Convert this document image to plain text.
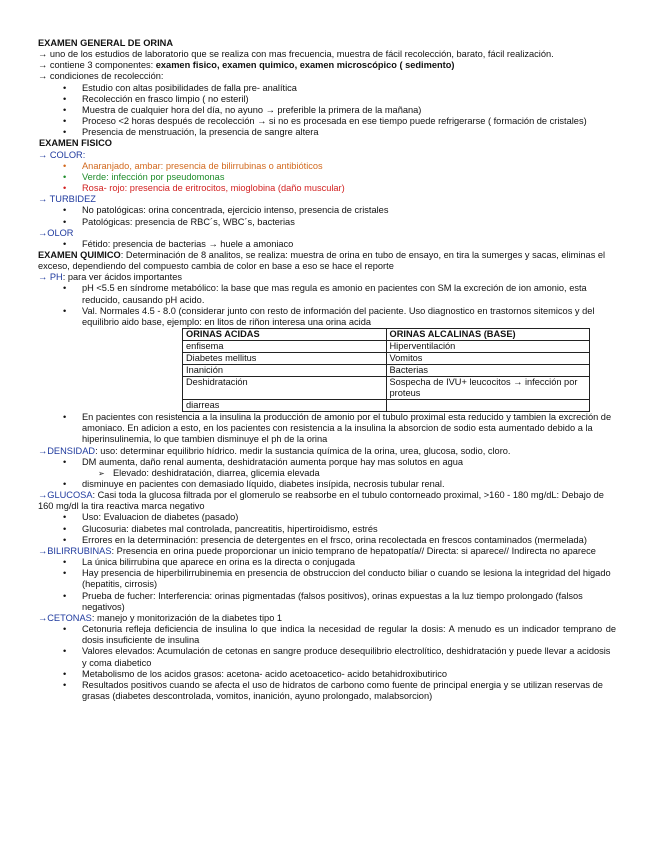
EXAMEN GENERAL DE ORINA

→ uno de los estudios de laboratorio que se realiza con mas frecuencia, muestra de fácil recolección, barato, fácil realización.

→ contiene 3 componentes: examen fisico, examen quimico, examen microscópico ( sedimento)

→ condiciones de recolección:

• Estudio con altas posibilidades de falla pre- analítica
• Recolección en frasco limpio ( no esteril)
• Muestra de cualquier hora del día, no ayuno → preferible la primera de la mañana)
• Proceso <2 horas después de recolección → si no es procesada en ese tiempo puede refrigerarse ( formación de cristales)
• Presencia de menstruación, la presencia de sangre altera

EXAMEN FISICO

→ COLOR:

• Anaranjado, ambar: presencia de bilirrubinas o antibióticos
• Verde: infección por pseudomonas
• Rosa- rojo: presencia de eritrocitos, mioglobina (daño muscular)

→ TURBIDEZ

• No patológicas: orina concentrada, ejercicio intenso, presencia de cristales
• Patológicas: presencia de RBC´s, WBC´s, bacterias

→OLOR

• Fétido: presencia de bacterias → huele a amoniaco

EXAMEN QUIMICO: Determinación de 8 analitos, se realiza: muestra de orina en tubo de ensayo, en tira la sumerges y sacas, eliminas el exceso, dependiendo del compuesto cambia de color en base a eso se hace el reporte

→ PH: para ver ácidos importantes

• pH <5.5 en síndrome metabólico: la base que mas regula es amonio en pacientes con SM la excreción de ion amonio, esta reducido, causando pH acido.
• Val. Normales 4.5 - 8.0 (considerar junto con resto de información del paciente. Uso diagnostico en trastornos sitemicos y del equilibrio aido base, ejemplo: en litos de riñon interesa una orina acida
ORINAS ACIDAS	ORINAS ALCALINAS (BASE)
enfisema	Hiperventilación
Diabetes mellitus	Vomitos
Inanición	Bacterias
Deshidratación	Sospecha de IVU+ leucocitos → infección por proteus
diarreas	
• En pacientes con resistencia a la insulina la producción de amonio por el tubulo proximal esta reducido y tambien la excreción de amoniaco. En adicion a esto, en los pacientes con resistencia a la insulina la absorcion de sodio esta aumentado debido a la hiperinsulinemia, lo que tambien disminuye el ph de la orina

→DENSIDAD: uso: determinar equilibrio hídrico. medir la sustancia química de la orina, urea, glucosa, sodio, cloro.

• DM aumenta, daño renal aumenta, deshidratación aumenta porque hay mas solutos en agua
➢ Elevado: deshidratación, diarrea, glicemia elevada
• disminuye en pacientes con demasiado líquido, diabetes insípida, necrosis tubular renal.

→GLUCOSA: Casi toda la glucosa filtrada por el glomerulo se reabsorbe en el tubulo contorneado proximal, >160 - 180 mg/dL: Debajo de 160 mg/dl la tira reactiva marca negativo

• Uso: Evaluacion de diabetes (pasado)
• Glucosuria: diabetes mal controlada, pancreatitis, hipertiroidismo, estrés
• Errores en la determinación: presencia de detergentes en el frsco, orina recolectada en frescos contaminados (mermelada)

→BILIRRUBINAS: Presencia en orina puede proporcionar un inicio temprano de hepatopatía// Directa: si aparece// Indirecta no aparece

• La única bilirrubina que aparece en orina es la directa o conjugada
• Hay presencia de hiperbilirrubinemia en presencia de obstruccion del conducto biliar o cuando se lesiona la integridad del higado (hepatitis, cirrosis)
• Prueba de fucher: Interferencia: orinas pigmentadas (falsos positivos), orinas expuestas a la luz tiempo prolongado (falsos negativos)

→CETONAS: manejo y monitorización de la diabetes tipo 1

• Cetonuria refleja deficiencia de insulina lo que indica la necesidad de regular la dosis: A menudo es un indicador temprano de dosis insuficiente de insulina
• Valores elevados: Acumulación de cetonas en sangre produce desequilibrio electrolítico, deshidratación y puede llevar a acidosis y coma diabetico
• Metabolismo de los acidos grasos: acetona- acido acetoacetico- acido betahidroxibutirico
• Resultados positivos cuando se afecta el uso de hidratos de carbono como fuente de principal energia y se utilizan reservas de grasas (diabetes descontrolada, vomitos, inanición, ayuno prolongado, malabsorcion)
